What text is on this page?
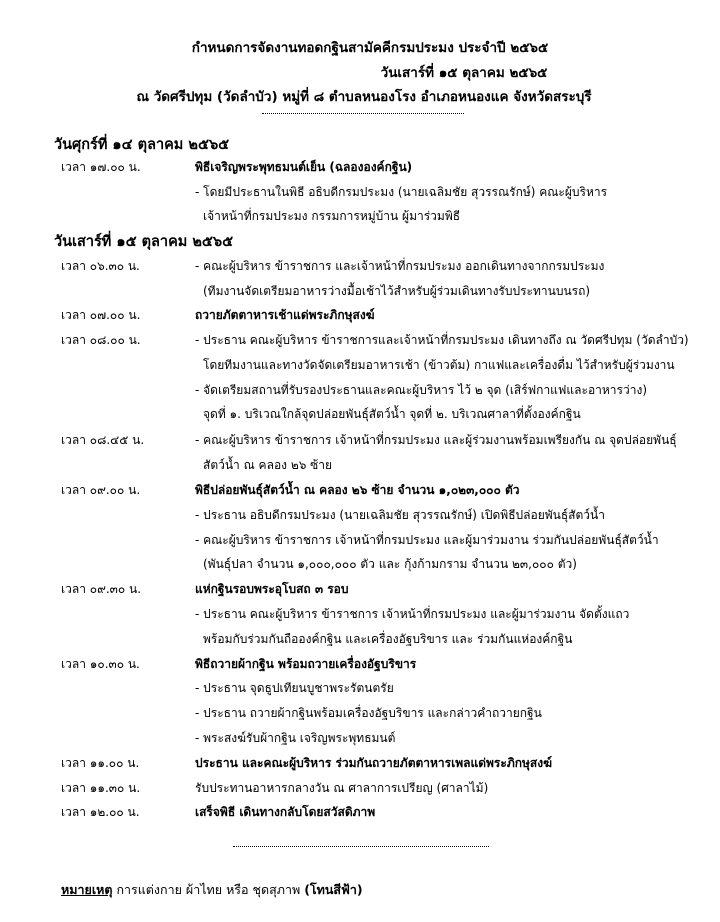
กำหนดการจัดงานทอดกฐินสามัคคีกรมประมง ประจำปี ๒๕๖๕
วันเสาร์ที่ ๑๕ ตุลาคม ๒๕๖๕
ณ วัดศรีปทุม (วัดลำบัว) หมู่ที่ ๘ ตำบลหนองโรง อำเภอหนองแค จังหวัดสระบุรี
วันศุกร์ที่ ๑๔ ตุลาคม ๒๕๖๕
เวลา ๑๗.๐๐ น.	พิธีเจริญพระพุทธมนต์เย็น (ฉลององค์กฐิน)
- โดยมีประธานในพิธี อธิบดีกรมประมง (นายเฉลิมชัย สุวรรณรักษ์) คณะผู้บริหาร
เจ้าหน้าที่กรมประมง กรรมการหมู่บ้าน ผู้มาร่วมพิธี
วันเสาร์ที่ ๑๕ ตุลาคม ๒๕๖๕
เวลา ๐๖.๓๐ น.	- คณะผู้บริหาร ข้าราชการ และเจ้าหน้าที่กรมประมง ออกเดินทางจากกรมประมง
(ทีมงานจัดเตรียมอาหารว่างมื้อเช้าไว้สำหรับผู้ร่วมเดินทางรับประทานบนรถ)
เวลา ๐๗.๐๐ น.	ถวายภัตตาหารเช้าแด่พระภิกษุสงฆ์
เวลา ๐๘.๐๐ น.	- ประธาน คณะผู้บริหาร ข้าราชการและเจ้าหน้าที่กรมประมง เดินทางถึง ณ วัดศรีปทุม (วัดลำบัว)
โดยทีมงานและทางวัดจัดเตรียมอาหารเช้า (ข้าวต้ม) กาแฟและเครื่องดื่ม ไว้สำหรับผู้ร่วมงาน
- จัดเตรียมสถานที่รับรองประธานและคณะผู้บริหาร ไว้ ๒ จุด (เสิร์ฟกาแฟและอาหารว่าง)
จุดที่ ๑. บริเวณใกล้จุดปล่อยพันธุ์สัตว์น้ำ จุดที่ ๒. บริเวณศาลาที่ตั้งองค์กฐิน
เวลา ๐๘.๔๕ น.	- คณะผู้บริหาร ข้าราชการ เจ้าหน้าที่กรมประมง และผู้ร่วมงานพร้อมเพรียงกัน ณ จุดปล่อยพันธุ์
สัตว์น้ำ ณ คลอง ๒๖ ซ้าย
เวลา ๐๙.๐๐ น.	พิธีปล่อยพันธุ์สัตว์น้ำ ณ คลอง ๒๖ ซ้าย จำนวน ๑,๐๒๓,๐๐๐ ตัว
- ประธาน อธิบดีกรมประมง (นายเฉลิมชัย สุวรรณรักษ์) เปิดพิธีปล่อยพันธุ์สัตว์น้ำ
- คณะผู้บริหาร ข้าราชการ เจ้าหน้าที่กรมประมง และผู้มาร่วมงาน ร่วมกันปล่อยพันธุ์สัตว์น้ำ
(พันธุ์ปลา จำนวน ๑,๐๐๐,๐๐๐ ตัว และ กุ้งก้ามกราม จำนวน ๒๓,๐๐๐ ตัว)
เวลา ๐๙.๓๐ น.	แห่กฐินรอบพระอุโบสถ ๓ รอบ
- ประธาน คณะผู้บริหาร ข้าราชการ เจ้าหน้าที่กรมประมง และผู้มาร่วมงาน จัดตั้งแถว
พร้อมกับร่วมกันถือองค์กฐิน และเครื่องอัฐบริขาร และ ร่วมกันแห่องค์กฐิน
เวลา ๑๐.๓๐ น.	พิธีถวายผ้ากฐิน พร้อมถวายเครื่องอัฐบริขาร
- ประธาน จุดธูปเทียนบูชาพระรัตนตรัย
- ประธาน ถวายผ้ากฐินพร้อมเครื่องอัฐบริขาร และกล่าวคำถวายกฐิน
- พระสงฆ์รับผ้ากฐิน เจริญพระพุทธมนต์
เวลา ๑๑.๐๐ น.	ประธาน และคณะผู้บริหาร ร่วมกันถวายภัตตาหารเพลแด่พระภิกษุสงฆ์
เวลา ๑๑.๓๐ น.	รับประทานอาหารกลางวัน ณ ศาลาการเปรียญ (ศาลาไม้)
เวลา ๑๒.๐๐ น.	เสร็จพิธี เดินทางกลับโดยสวัสดิภาพ
หมายเหตุ การแต่งกาย ผ้าไทย หรือ ชุดสุภาพ (โทนสีฟ้า)
